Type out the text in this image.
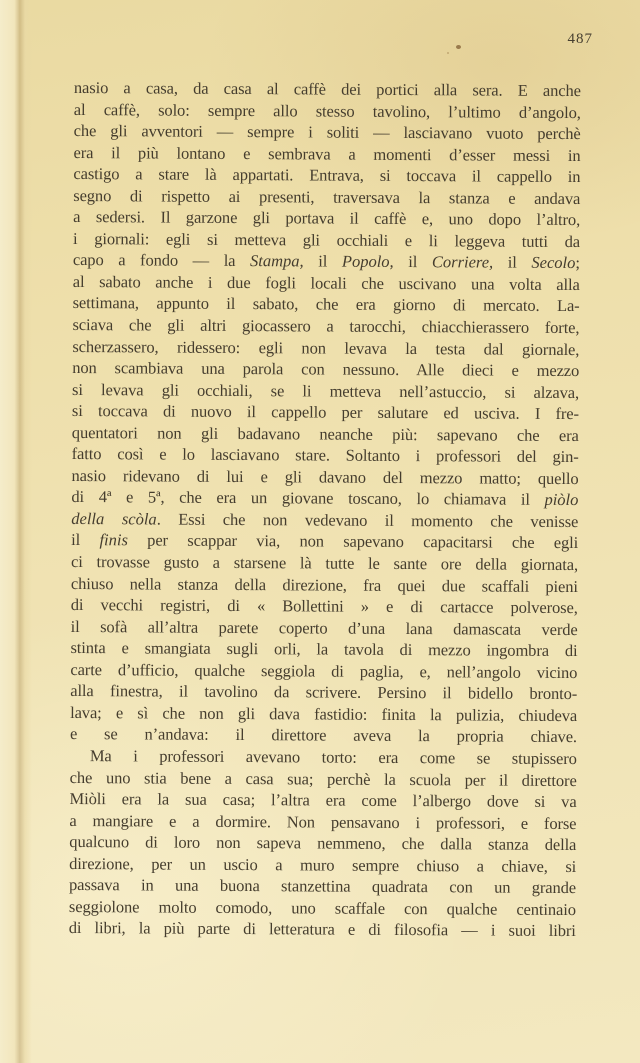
487
nasio a casa, da casa al caffè dei portici alla sera. E anche
al caffè, solo: sempre allo stesso tavolino, l’ultimo d’angolo,
che gli avventori — sempre i soliti — lasciavano vuoto perchè
era il più lontano e sembrava a momenti d’esser messi in
castigo a stare là appartati. Entrava, si toccava il cappello in
segno di rispetto ai presenti, traversava la stanza e andava
a sedersi. Il garzone gli portava il caffè e, uno dopo l’altro,
i giornali: egli si metteva gli occhiali e li leggeva tutti da
capo a fondo — la Stampa, il Popolo, il Corriere, il Secolo;
al sabato anche i due fogli locali che uscivano una volta alla
settimana, appunto il sabato, che era giorno di mercato. La-
sciava che gli altri giocassero a tarocchi, chiacchierassero forte,
scherzassero, ridessero: egli non levava la testa dal giornale,
non scambiava una parola con nessuno. Alle dieci e mezzo
si levava gli occhiali, se li metteva nell’astuccio, si alzava,
si toccava di nuovo il cappello per salutare ed usciva. I fre-
quentatori non gli badavano neanche più: sapevano che era
fatto così e lo lasciavano stare. Soltanto i professori del gin-
nasio ridevano di lui e gli davano del mezzo matto; quello
di 4ª e 5ª, che era un giovane toscano, lo chiamava il piòlo
della scòla. Essi che non vedevano il momento che venisse
il finis per scappar via, non sapevano capacitarsi che egli
ci trovasse gusto a starsene là tutte le sante ore della giornata,
chiuso nella stanza della direzione, fra quei due scaffali pieni
di vecchi registri, di « Bollettini » e di cartacce polverose,
il sofà all’altra parete coperto d’una lana damascata verde
stinta e smangiata sugli orli, la tavola di mezzo ingombra di
carte d’ufficio, qualche seggiola di paglia, e, nell’angolo vicino
alla finestra, il tavolino da scrivere. Persino il bidello bronto-
lava; e sì che non gli dava fastidio: finita la pulizia, chiudeva
e se n’andava: il direttore aveva la propria chiave.
Ma i professori avevano torto: era come se stupissero
che uno stia bene a casa sua; perchè la scuola per il direttore
Miòli era la sua casa; l’altra era come l’albergo dove si va
a mangiare e a dormire. Non pensavano i professori, e forse
qualcuno di loro non sapeva nemmeno, che dalla stanza della
direzione, per un uscio a muro sempre chiuso a chiave, si
passava in una buona stanzettina quadrata con un grande
seggiolone molto comodo, uno scaffale con qualche centinaio
di libri, la più parte di letteratura e di filosofia — i suoi libri
